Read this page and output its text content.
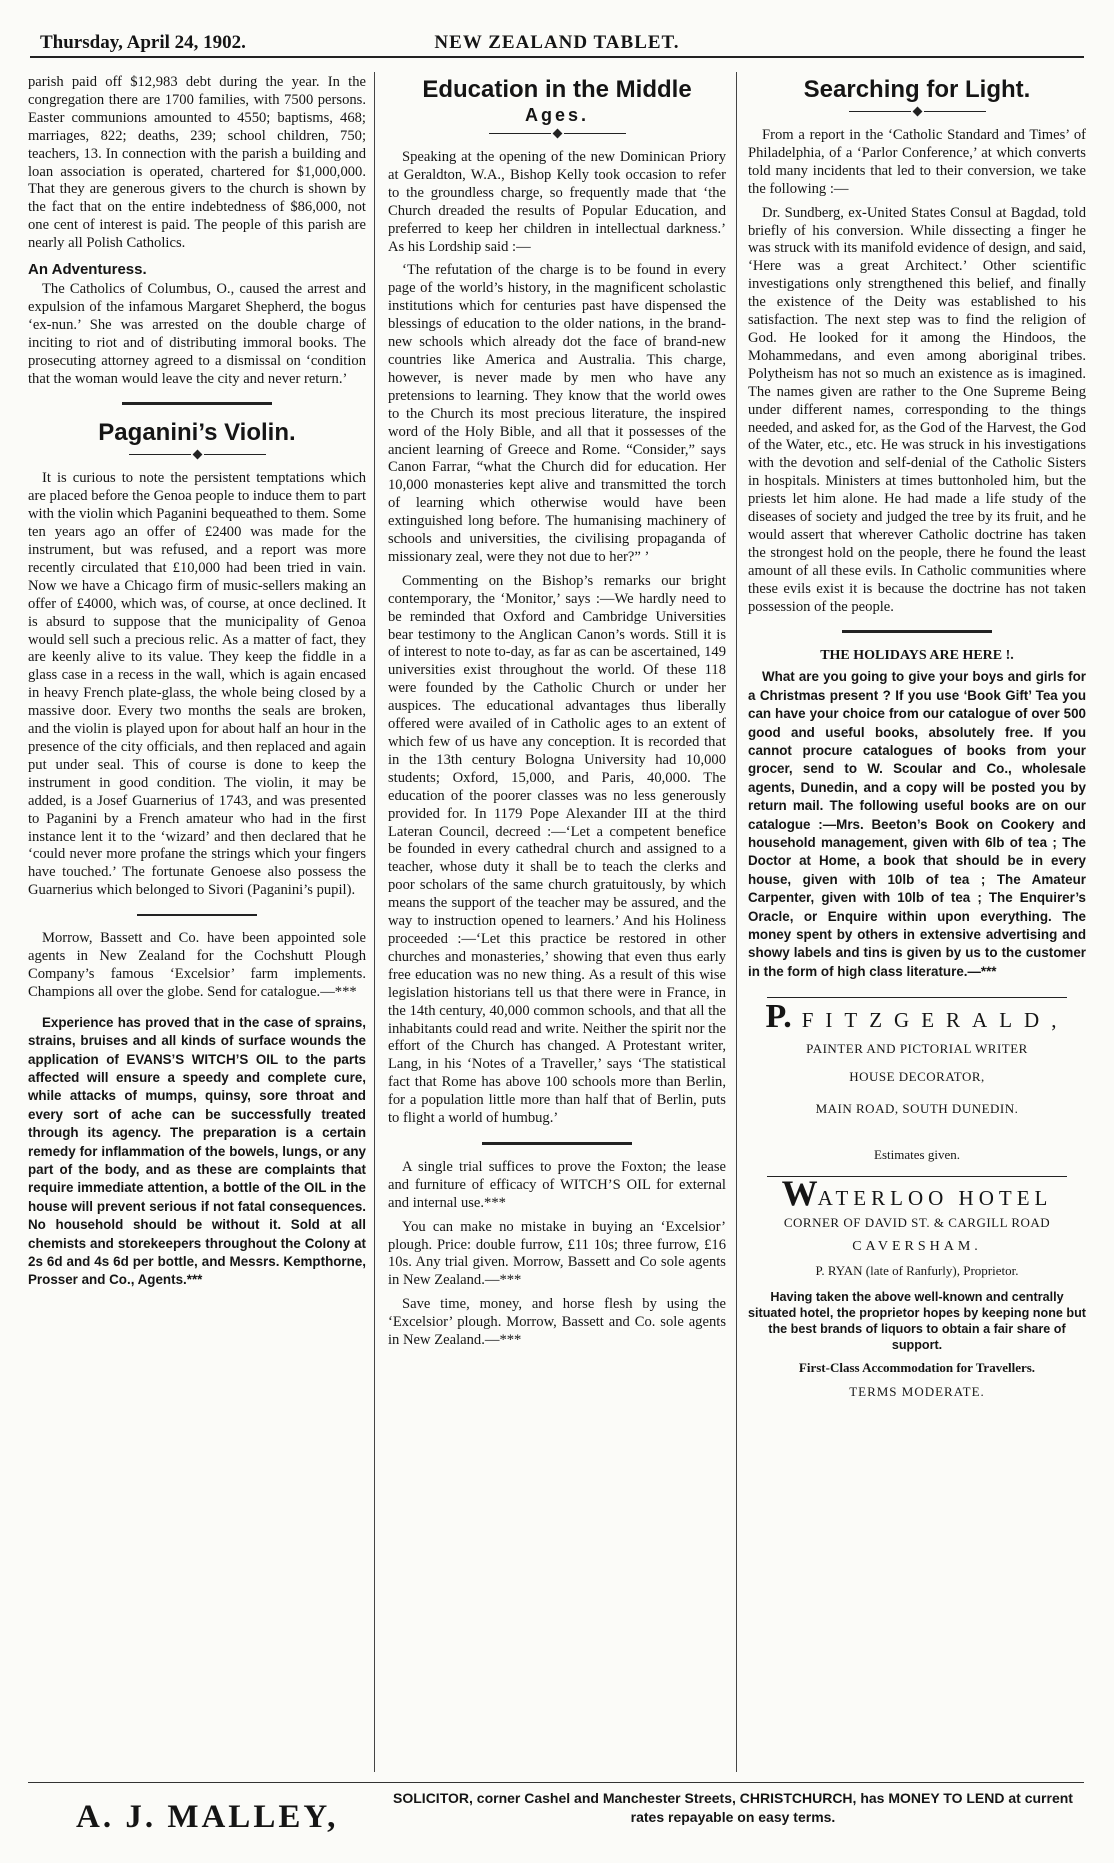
Thursday, April 24, 1902.	NEW ZEALAND TABLET.

parish paid off $12,983 debt during the year. In the congregation there are 1700 families, with 7500 persons. Easter communions amounted to 4550; baptisms, 468; marriages, 822; deaths, 239; school children, 750; teachers, 13. In connection with the parish a building and loan association is operated, chartered for $1,000,000. That they are generous givers to the church is shown by the fact that on the entire indebtedness of $86,000, not one cent of interest is paid. The people of this parish are nearly all Polish Catholics.

An Adventuress.

The Catholics of Columbus, O., caused the arrest and expulsion of the infamous Margaret Shepherd, the bogus ‘ex-nun.’ She was arrested on the double charge of inciting to riot and of distributing immoral books. The prosecuting attorney agreed to a dismissal on ‘condition that the woman would leave the city and never return.’

Paganini’s Violin.

It is curious to note the persistent temptations which are placed before the Genoa people to induce them to part with the violin which Paganini bequeathed to them. Some ten years ago an offer of £2400 was made for the instrument, but was refused, and a report was more recently circulated that £10,000 had been tried in vain. Now we have a Chicago firm of music-sellers making an offer of £4000, which was, of course, at once declined. It is absurd to suppose that the municipality of Genoa would sell such a precious relic. As a matter of fact, they are keenly alive to its value. They keep the fiddle in a glass case in a recess in the wall, which is again encased in heavy French plate-glass, the whole being closed by a massive door. Every two months the seals are broken, and the violin is played upon for about half an hour in the presence of the city officials, and then replaced and again put under seal. This of course is done to keep the instrument in good condition. The violin, it may be added, is a Josef Guarnerius of 1743, and was presented to Paganini by a French amateur who had in the first instance lent it to the ‘wizard’ and then declared that he ‘could never more profane the strings which your fingers have touched.’ The fortunate Genoese also possess the Guarnerius which belonged to Sivori (Paganini’s pupil).

Morrow, Bassett and Co. have been appointed sole agents in New Zealand for the Cochshutt Plough Company’s famous ‘Excelsior’ farm implements. Champions all over the globe. Send for catalogue.—***

Experience has proved that in the case of sprains, strains, bruises and all kinds of surface wounds the application of EVANS’S WITCH’S OIL to the parts affected will ensure a speedy and complete cure, while attacks of mumps, quinsy, sore throat and every sort of ache can be successfully treated through its agency. The preparation is a certain remedy for inflammation of the bowels, lungs, or any part of the body, and as these are complaints that require immediate attention, a bottle of the OIL in the house will prevent serious if not fatal consequences. No household should be without it. Sold at all chemists and storekeepers throughout the Colony at 2s 6d and 4s 6d per bottle, and Messrs. Kempthorne, Prosser and Co., Agents.***

Education in the Middle
Ages.

Speaking at the opening of the new Dominican Priory at Geraldton, W.A., Bishop Kelly took occasion to refer to the groundless charge, so frequently made that ‘the Church dreaded the results of Popular Education, and preferred to keep her children in intellectual darkness.’ As his Lordship said :—

‘The refutation of the charge is to be found in every page of the world’s history, in the magnificent scholastic institutions which for centuries past have dispensed the blessings of education to the older nations, in the brand-new schools which already dot the face of brand-new countries like America and Australia. This charge, however, is never made by men who have any pretensions to learning. They know that the world owes to the Church its most precious literature, the inspired word of the Holy Bible, and all that it possesses of the ancient learning of Greece and Rome. “Consider,” says Canon Farrar, “what the Church did for education. Her 10,000 monasteries kept alive and transmitted the torch of learning which otherwise would have been extinguished long before. The humanising machinery of schools and universities, the civilising propaganda of missionary zeal, were they not due to her?” ’

Commenting on the Bishop’s remarks our bright contemporary, the ‘Monitor,’ says :—We hardly need to be reminded that Oxford and Cambridge Universities bear testimony to the Anglican Canon’s words. Still it is of interest to note to-day, as far as can be ascertained, 149 universities exist throughout the world. Of these 118 were founded by the Catholic Church or under her auspices. The educational advantages thus liberally offered were availed of in Catholic ages to an extent of which few of us have any conception. It is recorded that in the 13th century Bologna University had 10,000 students; Oxford, 15,000, and Paris, 40,000. The education of the poorer classes was no less generously provided for. In 1179 Pope Alexander III at the third Lateran Council, decreed :—‘Let a competent benefice be founded in every cathedral church and assigned to a teacher, whose duty it shall be to teach the clerks and poor scholars of the same church gratuitously, by which means the support of the teacher may be assured, and the way to instruction opened to learners.’ And his Holiness proceeded :—‘Let this practice be restored in other churches and monasteries,’ showing that even thus early free education was no new thing. As a result of this wise legislation historians tell us that there were in France, in the 14th century, 40,000 common schools, and that all the inhabitants could read and write. Neither the spirit nor the effort of the Church has changed. A Protestant writer, Lang, in his ‘Notes of a Traveller,’ says ‘The statistical fact that Rome has above 100 schools more than Berlin, for a population little more than half that of Berlin, puts to flight a world of humbug.’

A single trial suffices to prove the Foxton; the lease and furniture of efficacy of WITCH’S OIL for external and internal use.***

You can make no mistake in buying an ‘Excelsior’ plough. Price: double furrow, £11 10s; three furrow, £16 10s. Any trial given. Morrow, Bassett and Co sole agents in New Zealand.—***

Save time, money, and horse flesh by using the ‘Excelsior’ plough. Morrow, Bassett and Co. sole agents in New Zealand.—***

Searching for Light.

From a report in the ‘Catholic Standard and Times’ of Philadelphia, of a ‘Parlor Conference,’ at which converts told many incidents that led to their conversion, we take the following :—

Dr. Sundberg, ex-United States Consul at Bagdad, told briefly of his conversion. While dissecting a finger he was struck with its manifold evidence of design, and said, ‘Here was a great Architect.’ Other scientific investigations only strengthened this belief, and finally the existence of the Deity was established to his satisfaction. The next step was to find the religion of God. He looked for it among the Hindoos, the Mohammedans, and even among aboriginal tribes. Polytheism has not so much an existence as is imagined. The names given are rather to the One Supreme Being under different names, corresponding to the things needed, and asked for, as the God of the Harvest, the God of the Water, etc., etc. He was struck in his investigations with the devotion and self-denial of the Catholic Sisters in hospitals. Ministers at times buttonholed him, but the priests let him alone. He had made a life study of the diseases of society and judged the tree by its fruit, and he would assert that wherever Catholic doctrine has taken the strongest hold on the people, there he found the least amount of all these evils. In Catholic communities where these evils exist it is because the doctrine has not taken possession of the people.

THE HOLIDAYS ARE HERE !.

What are you going to give your boys and girls for a Christmas present ? If you use ‘Book Gift’ Tea you can have your choice from our catalogue of over 500 good and useful books, absolutely free. If you cannot procure catalogues of books from your grocer, send to W. Scoular and Co., wholesale agents, Dunedin, and a copy will be posted you by return mail. The following useful books are on our catalogue :—Mrs. Beeton’s Book on Cookery and household management, given with 6lb of tea ; The Doctor at Home, a book that should be in every house, given with 10lb of tea ; The Amateur Carpenter, given with 10lb of tea ; The Enquirer’s Oracle, or Enquire within upon everything. The money spent by others in extensive advertising and showy labels and tins is given by us to the customer in the form of high class literature.—***

P. FITZGERALD,

PAINTER AND PICTORIAL WRITER

HOUSE DECORATOR,

MAIN ROAD, SOUTH DUNEDIN.

Estimates given.

WATERLOO HOTEL

CORNER OF DAVID ST. & CARGILL ROAD

CAVERSHAM.

P. RYAN (late of Ranfurly), Proprietor.

Having taken the above well-known and centrally situated hotel, the proprietor hopes by keeping none but the best brands of liquors to obtain a fair share of support.

First-Class Accommodation for Travellers.

TERMS MODERATE.

A. J. MALLEY,
SOLICITOR, corner Cashel and Manchester Streets, CHRISTCHURCH, has MONEY TO LEND at current rates repayable on easy terms.
